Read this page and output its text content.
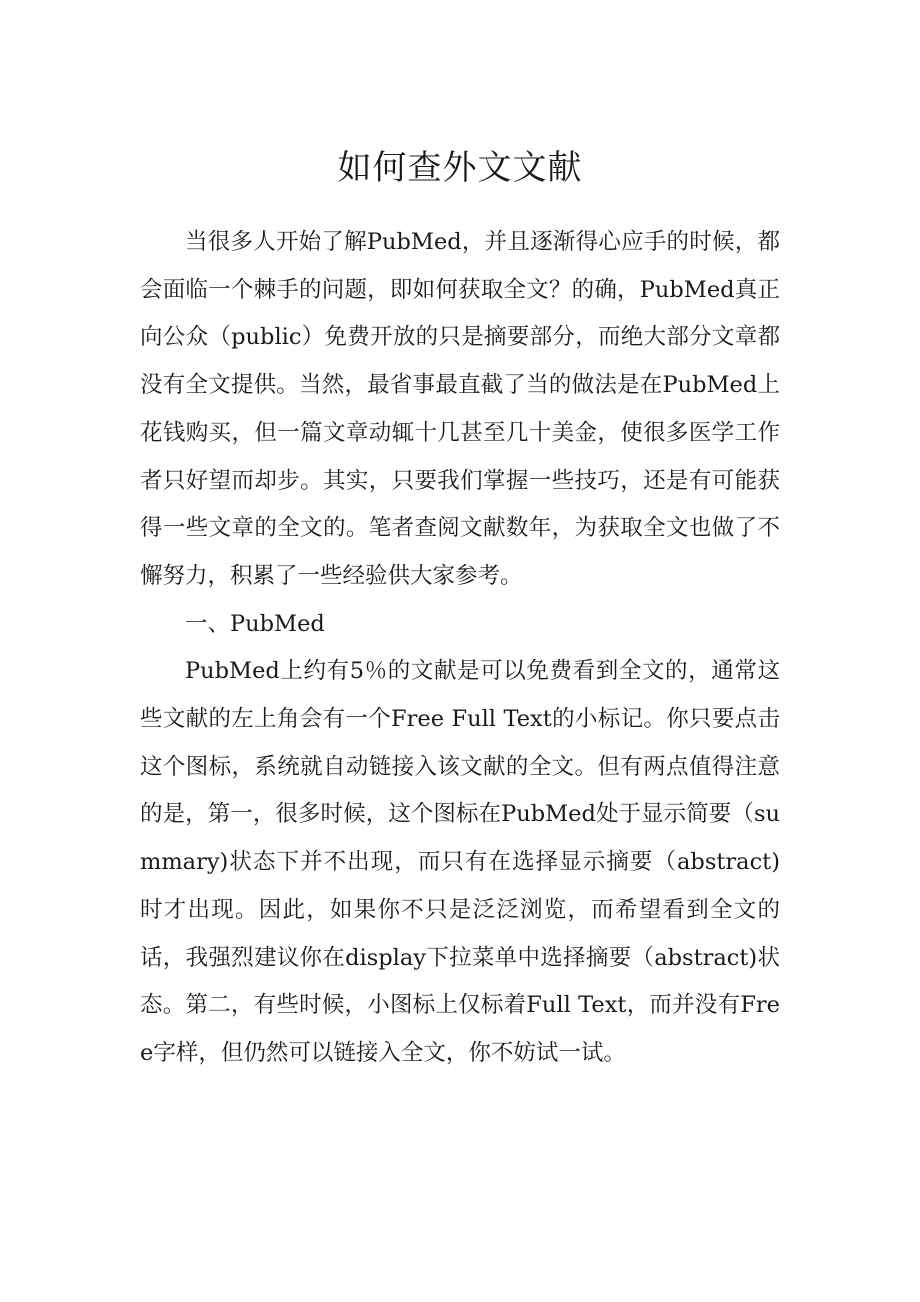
如何查外文文献

当很多人开始了解PubMed，并且逐渐得心应手的时候，都会面临一个棘手的问题，即如何获取全文？的确，PubMed真正向公众（public）免费开放的只是摘要部分，而绝大部分文章都没有全文提供。当然，最省事最直截了当的做法是在PubMed上花钱购买，但一篇文章动辄十几甚至几十美金，使很多医学工作者只好望而却步。其实，只要我们掌握一些技巧，还是有可能获得一些文章的全文的。笔者查阅文献数年，为获取全文也做了不懈努力，积累了一些经验供大家参考。

一、PubMed

PubMed上约有5％的文献是可以免费看到全文的，通常这些文献的左上角会有一个Free Full Text的小标记。你只要点击这个图标，系统就自动链接入该文献的全文。但有两点值得注意的是，第一，很多时候，这个图标在PubMed处于显示简要（summary)状态下并不出现，而只有在选择显示摘要（abstract)时才出现。因此，如果你不只是泛泛浏览，而希望看到全文的话，我强烈建议你在display下拉菜单中选择摘要（abstract)状态。第二，有些时候，小图标上仅标着Full Text，而并没有Free字样，但仍然可以链接入全文，你不妨试一试。
